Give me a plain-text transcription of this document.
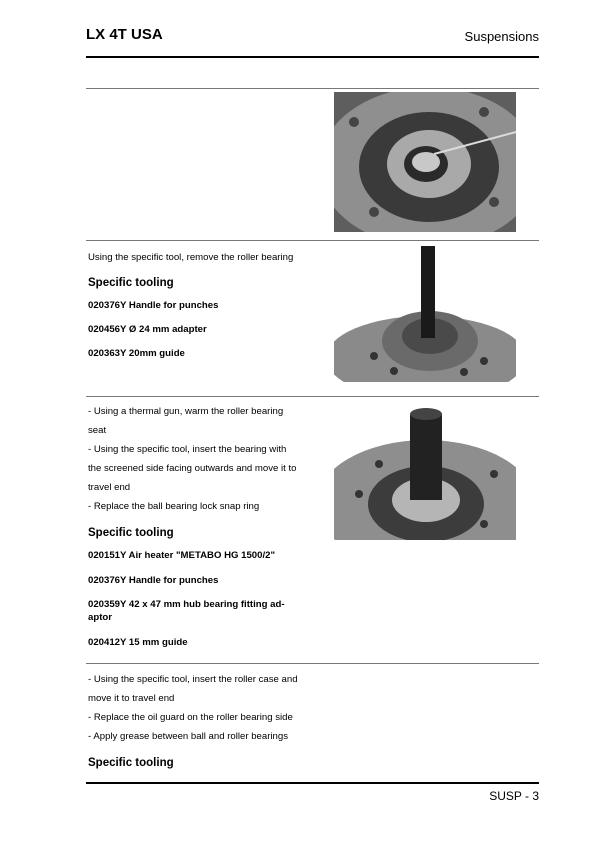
LX 4T USA	Suspensions
Using the specific tool, remove the roller bearing
Specific tooling
020376Y Handle for punches
020456Y Ø 24 mm adapter
020363Y 20mm guide
- Using a thermal gun, warm the roller bearing
seat
- Using the specific tool, insert the bearing with
the screened side facing outwards and move it to
travel end
- Replace the ball bearing lock snap ring
Specific tooling
020151Y Air heater "METABO HG 1500/2"
020376Y Handle for punches
020359Y 42 x 47 mm hub bearing fitting ad-aptor
020412Y 15 mm guide
- Using the specific tool, insert the roller case and
move it to travel end
- Replace the oil guard on the roller bearing side
- Apply grease between ball and roller bearings
Specific tooling
SUSP - 3
